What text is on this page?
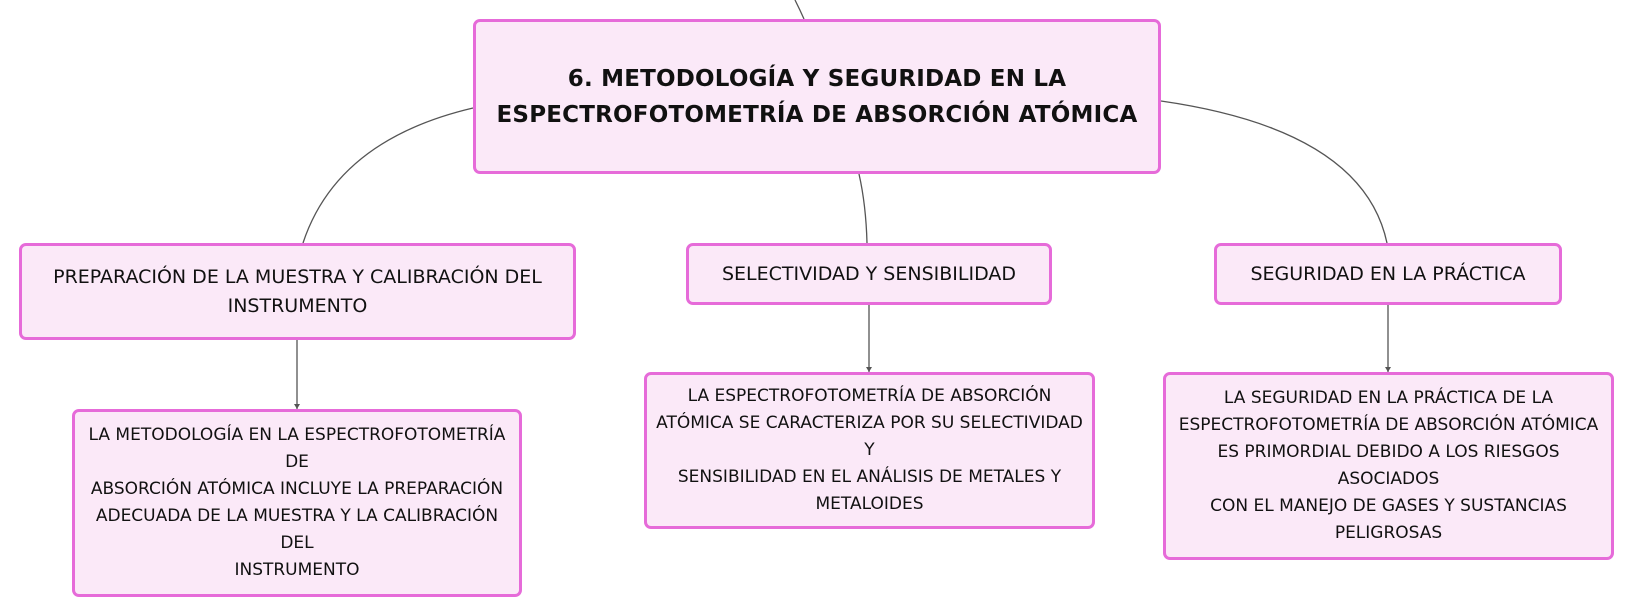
6. METODOLOGÍA Y SEGURIDAD EN LA
ESPECTROFOTOMETRÍA DE ABSORCIÓN ATÓMICA
PREPARACIÓN DE LA MUESTRA Y CALIBRACIÓN DEL
INSTRUMENTO
SELECTIVIDAD Y SENSIBILIDAD	SEGURIDAD EN LA PRÁCTICA
LA METODOLOGÍA EN LA ESPECTROFOTOMETRÍA DE
ABSORCIÓN ATÓMICA INCLUYE LA PREPARACIÓN
ADECUADA DE LA MUESTRA Y LA CALIBRACIÓN DEL
INSTRUMENTO
LA ESPECTROFOTOMETRÍA DE ABSORCIÓN
ATÓMICA SE CARACTERIZA POR SU SELECTIVIDAD Y
SENSIBILIDAD EN EL ANÁLISIS DE METALES Y
METALOIDES
LA SEGURIDAD EN LA PRÁCTICA DE LA
ESPECTROFOTOMETRÍA DE ABSORCIÓN ATÓMICA
ES PRIMORDIAL DEBIDO A LOS RIESGOS ASOCIADOS
CON EL MANEJO DE GASES Y SUSTANCIAS
PELIGROSAS
